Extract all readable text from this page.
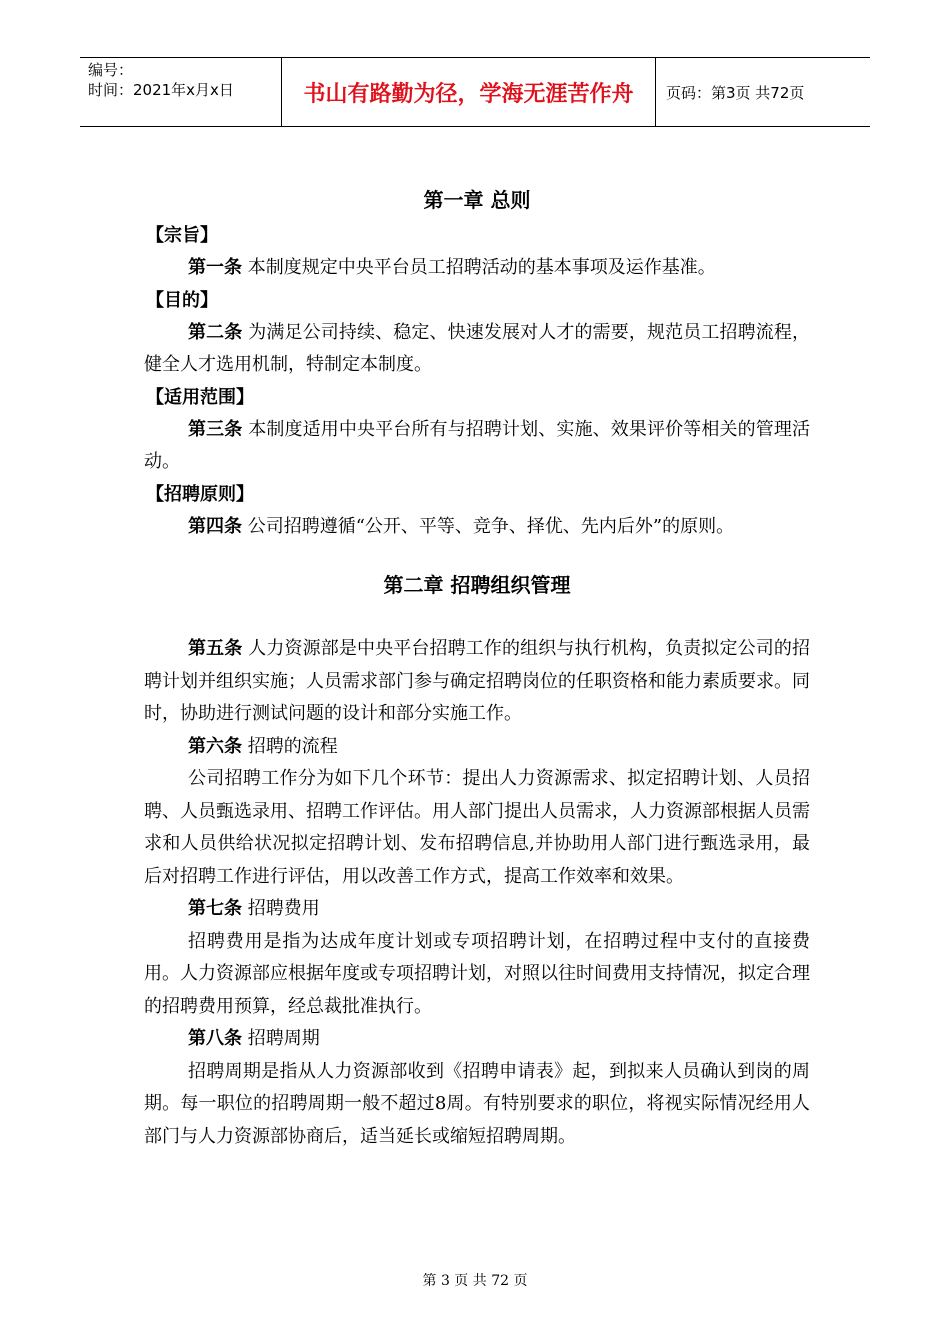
编号：
时间：2021年x月x日	书山有路勤为径，学海无涯苦作舟	页码：第3页 共72页
第一章 总则
【宗旨】

第一条 本制度规定中央平台员工招聘活动的基本事项及运作基准。

【目的】

第二条 为满足公司持续、稳定、快速发展对人才的需要，规范员工招聘流程，健全人才选用机制，特制定本制度。

【适用范围】

第三条 本制度适用中央平台所有与招聘计划、实施、效果评价等相关的管理活动。

【招聘原则】

第四条 公司招聘遵循“公开、平等、竞争、择优、先内后外”的原则。

第二章 招聘组织管理

第五条 人力资源部是中央平台招聘工作的组织与执行机构，负责拟定公司的招聘计划并组织实施；人员需求部门参与确定招聘岗位的任职资格和能力素质要求。同时，协助进行测试问题的设计和部分实施工作。

第六条 招聘的流程

公司招聘工作分为如下几个环节：提出人力资源需求、拟定招聘计划、人员招聘、人员甄选录用、招聘工作评估。用人部门提出人员需求，人力资源部根据人员需求和人员供给状况拟定招聘计划、发布招聘信息,并协助用人部门进行甄选录用，最后对招聘工作进行评估，用以改善工作方式，提高工作效率和效果。

第七条 招聘费用

招聘费用是指为达成年度计划或专项招聘计划，在招聘过程中支付的直接费用。人力资源部应根据年度或专项招聘计划，对照以往时间费用支持情况，拟定合理的招聘费用预算，经总裁批准执行。

第八条 招聘周期

招聘周期是指从人力资源部收到《招聘申请表》起，到拟来人员确认到岗的周期。每一职位的招聘周期一般不超过8周。有特别要求的职位，将视实际情况经用人部门与人力资源部协商后，适当延长或缩短招聘周期。

第 3 页 共 72 页
